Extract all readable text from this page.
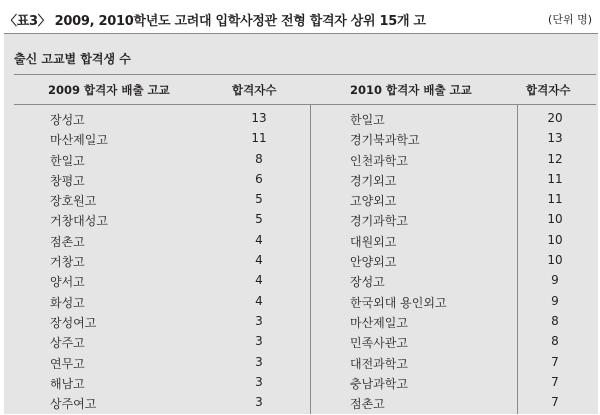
〈표3〉 2009, 2010학년도 고려대 입학사정관 전형 합격자 상위 15개 고	(단위 명)
출신 고교별 합격생 수
2009 합격자 배출 고교	합격자수	2010 합격자 배출 고교	합격자수
장성고	13	한일고	20
마산제일고	11	경기북과학고	13
한일고	8	인천과학고	12
창평고	6	경기외고	11
장호원고	5	고양외고	11
거창대성고	5	경기과학고	10
점촌고	4	대원외고	10
거창고	4	안양외고	10
양서고	4	장성고	9
화성고	4	한국외대 용인외고	9
장성여고	3	마산제일고	8
상주고	3	민족사관고	8
연무고	3	대전과학고	7
해남고	3	충남과학고	7
상주여고	3	점촌고	7
